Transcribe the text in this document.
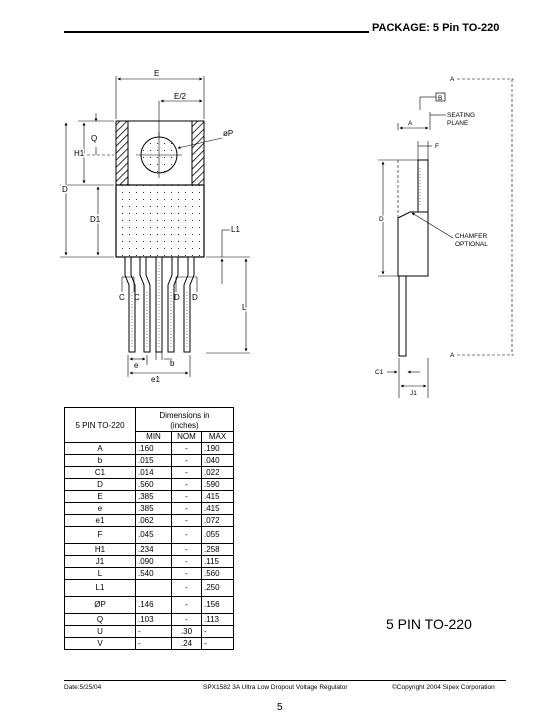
PACKAGE: 5 Pin TO-220
E
E/2
øP
Q
H1
D
D1
L1
L
C C	D D
e	b
e1
A
A
B
SEATING
PLANE
A
F
D
CHAMFER
OPTIONAL
C1
J1
5 PIN TO-220	Dimensions in
(inches)		
	MIN	NOM	MAX
A	.160	-	.190
b	.015	-	.040
C1	.014	-	.022
D	.560	-	.590
E	.385	-	.415
e	.385	-	.415
e1	.062	-	.072
F	.045	-	.055
H1	.234	-	.258
J1	.090	-	.115
L	.540	-	.560
L1		-	.250
ØP	.146	-	.156
Q	.103	-	.113
U	-	.30	-
V	-	.24	-
5 PIN TO-220
Date:5/25/04	SPX1582 3A Ultra Low Dropout Voltage Regulator	©Copyright 2004 Sipex Corporation
5
